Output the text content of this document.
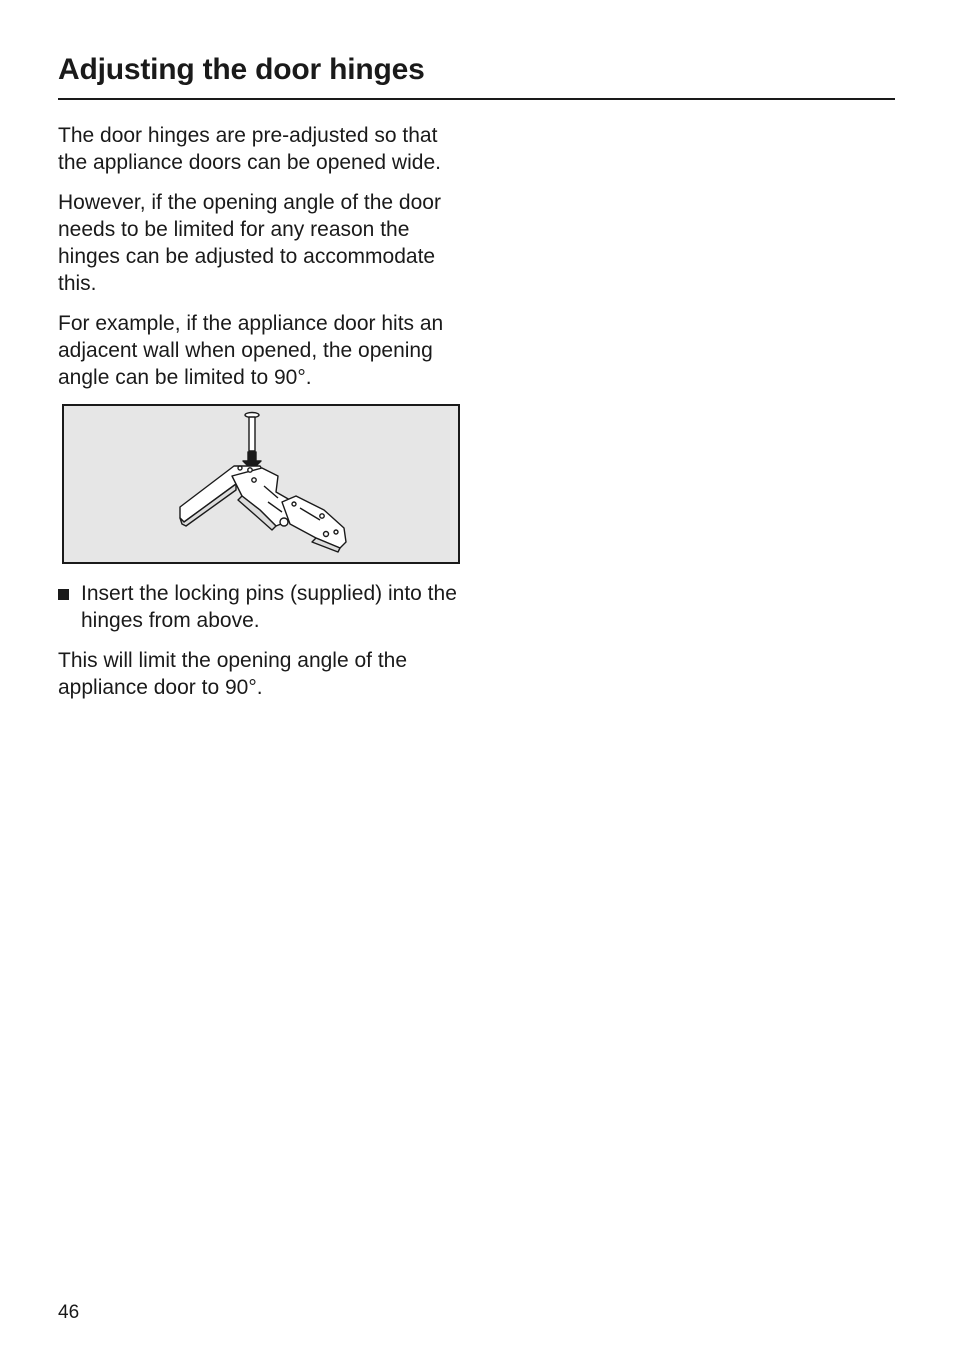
Adjusting the door hinges

The door hinges are pre-adjusted so that the appliance doors can be opened wide.

However, if the opening angle of the door needs to be limited for any reason the hinges can be adjusted to accommodate this.

For example, if the appliance door hits an adjacent wall when opened, the opening angle can be limited to 90°.

Insert the locking pins (supplied) into the hinges from above.

This will limit the opening angle of the appliance door to 90°.

46
